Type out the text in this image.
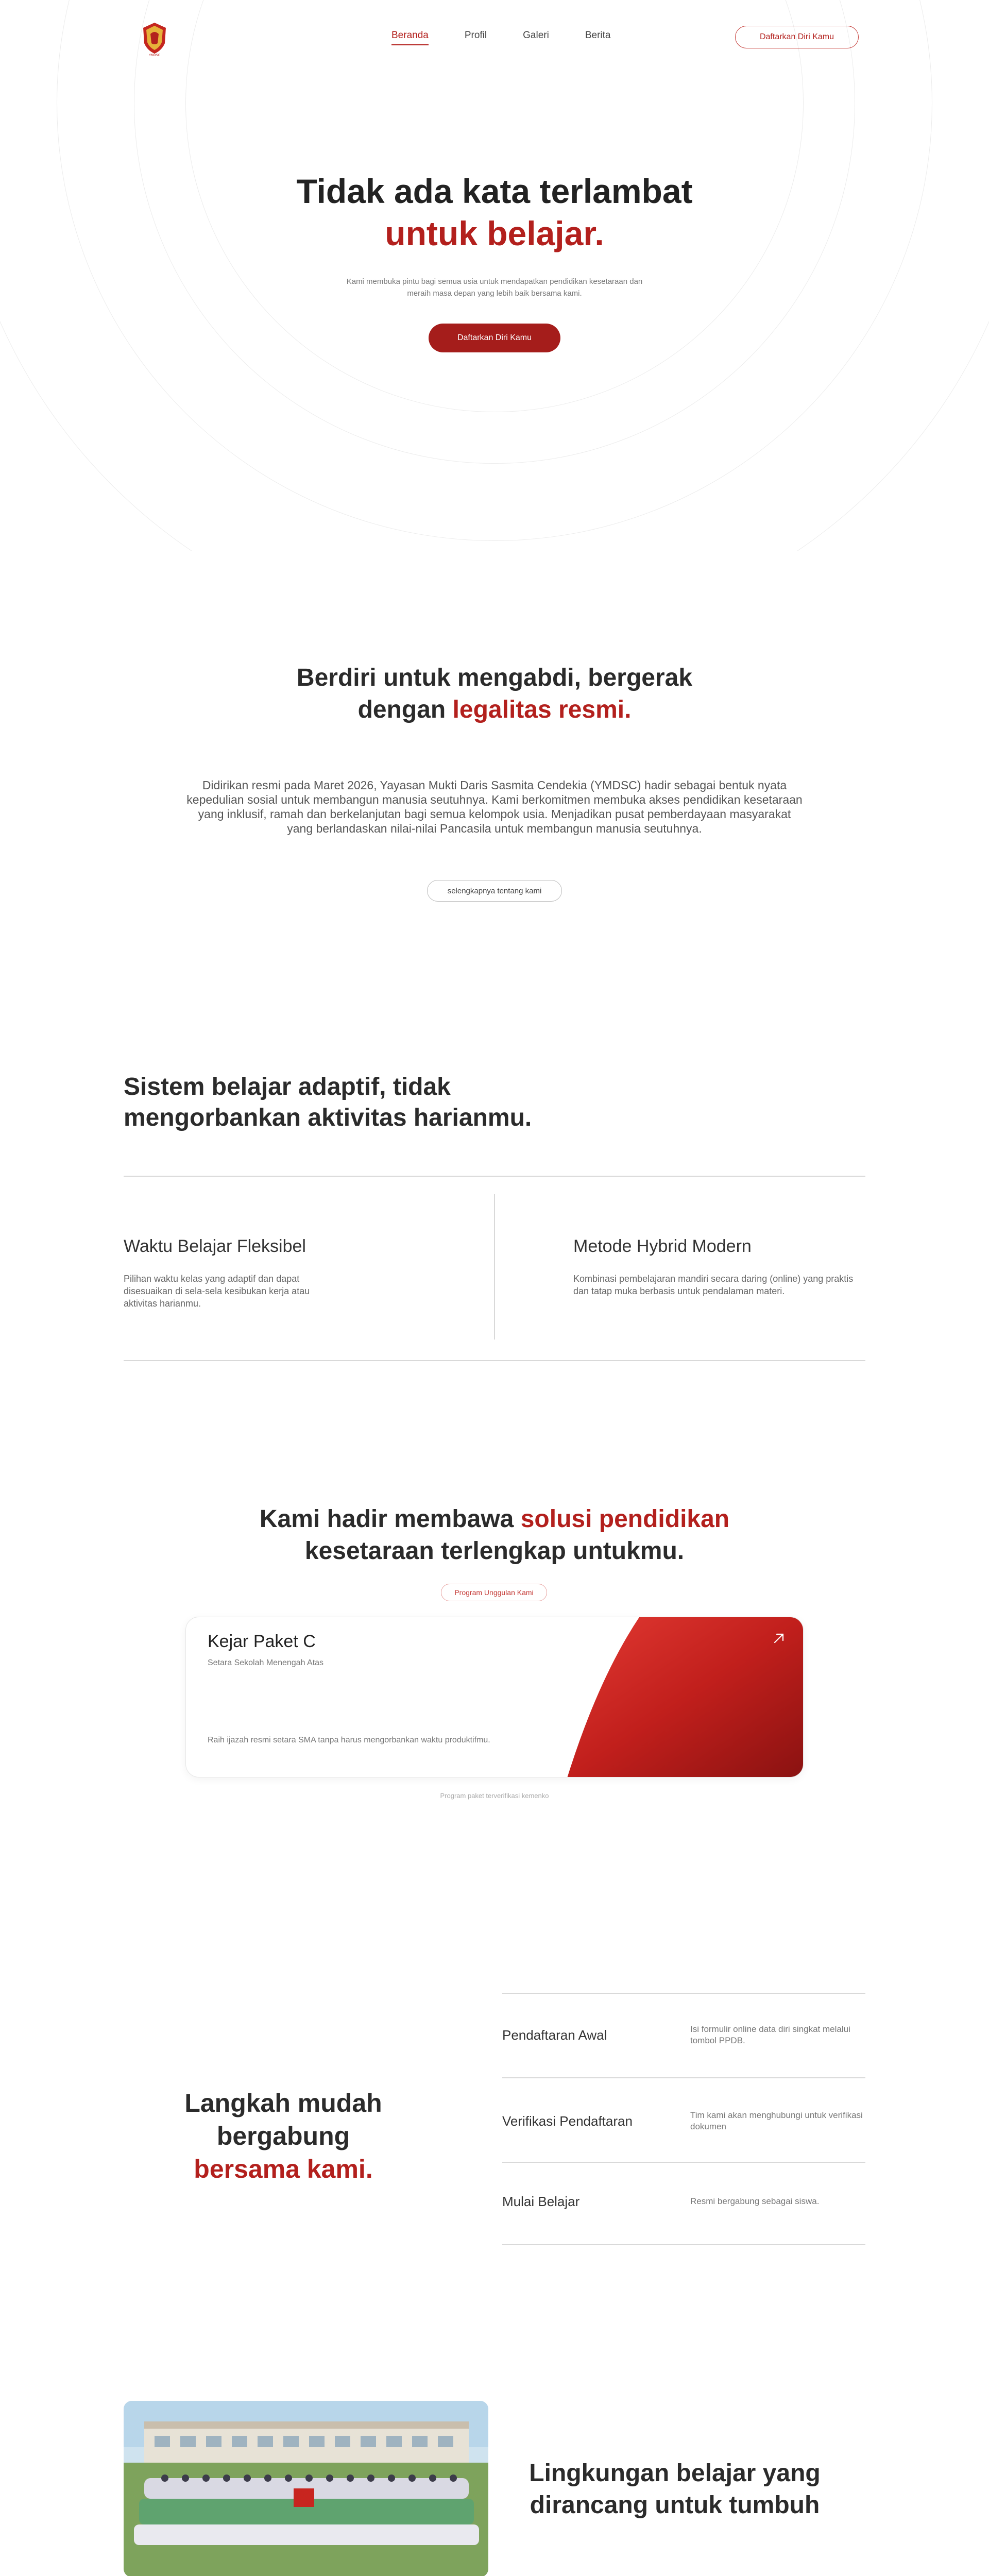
Tidak ada kata terlambat
untuk belajar.

Kami membuka pintu bagi semua usia untuk mendapatkan pendidikan kesetaraan dan meraih masa depan yang lebih baik bersama kami.

Daftarkan Diri Kamu
YMDSC
Beranda	Profil	Galeri	Berita	Daftarkan Diri Kamu
Berdiri untuk mengabdi, bergerak
dengan legalitas resmi.

Didirikan resmi pada Maret 2026, Yayasan Mukti Daris Sasmita Cendekia (YMDSC) hadir sebagai bentuk nyata kepedulian sosial untuk membangun manusia seutuhnya. Kami berkomitmen membuka akses pendidikan kesetaraan yang inklusif, ramah dan berkelanjutan bagi semua kelompok usia. Menjadikan pusat pemberdayaan masyarakat yang berlandaskan nilai-nilai Pancasila untuk membangun manusia seutuhnya.

selengkapnya tentang kami
Sistem belajar adaptif, tidak mengorbankan aktivitas harianmu.
Waktu Belajar Fleksibel
Pilihan waktu kelas yang adaptif dan dapat disesuaikan di sela-sela kesibukan kerja atau aktivitas harianmu.
Metode Hybrid Modern
Kombinasi pembelajaran mandiri secara daring (online) yang praktis dan tatap muka berbasis untuk pendalaman materi.
Kami hadir membawa solusi pendidikan
kesetaraan terlengkap untukmu.
Program Unggulan Kami
Kejar Paket C
Setara Sekolah Menengah Atas
Raih ijazah resmi setara SMA tanpa harus mengorbankan waktu produktifmu.
Program paket terverifikasi kemenko
Langkah mudah bergabung
bersama kami.
Pendaftaran Awal	Isi formulir online data diri singkat melalui tombol PPDB.
Verifikasi Pendaftaran	Tim kami akan menghubungi untuk verifikasi dokumen
Mulai Belajar	Resmi bergabung sebagai siswa.
Lingkungan belajar yang dirancang untuk tumbuh
